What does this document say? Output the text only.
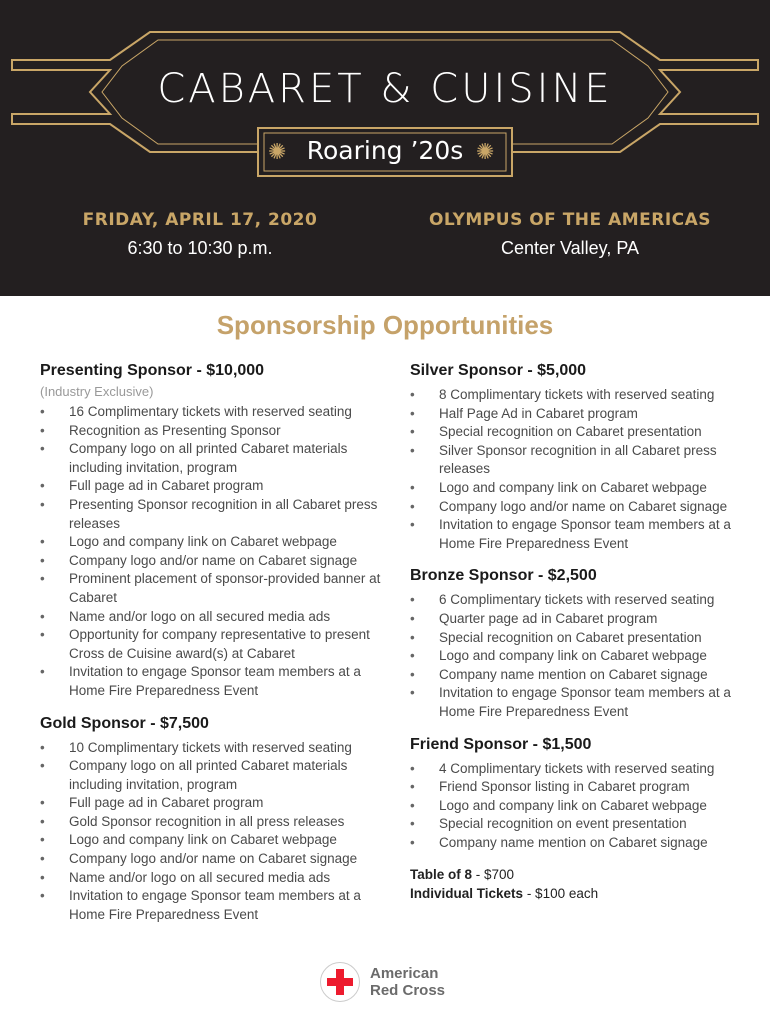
CABARET & CUISINE
✺ Roaring ’20s ✺
FRIDAY, APRIL 17, 2020
6:30 to 10:30 p.m.
OLYMPUS OF THE AMERICAS
Center Valley, PA
Sponsorship Opportunities
Presenting Sponsor - $10,000
(Industry Exclusive)
• 16 Complimentary tickets with reserved seating
• Recognition as Presenting Sponsor
• Company logo on all printed Cabaret materials including invitation, program
• Full page ad in Cabaret program
• Presenting Sponsor recognition in all Cabaret press releases
• Logo and company link on Cabaret webpage
• Company logo and/or name on Cabaret signage
• Prominent placement of sponsor-provided banner at Cabaret
• Name and/or logo on all secured media ads
• Opportunity for company representative to present Cross de Cuisine award(s) at Cabaret
• Invitation to engage Sponsor team members at a Home Fire Preparedness Event
Gold Sponsor - $7,500
• 10 Complimentary tickets with reserved seating
• Company logo on all printed Cabaret materials including invitation, program
• Full page ad in Cabaret program
• Gold Sponsor recognition in all press releases
• Logo and company link on Cabaret webpage
• Company logo and/or name on Cabaret signage
• Name and/or logo on all secured media ads
• Invitation to engage Sponsor team members at a Home Fire Preparedness Event
Silver Sponsor - $5,000
• 8 Complimentary tickets with reserved seating
• Half Page Ad in Cabaret program
• Special recognition on Cabaret presentation
• Silver Sponsor recognition in all Cabaret press releases
• Logo and company link on Cabaret webpage
• Company logo and/or name on Cabaret signage
• Invitation to engage Sponsor team members at a Home Fire Preparedness Event
Bronze Sponsor - $2,500
• 6 Complimentary tickets with reserved seating
• Quarter page ad in Cabaret program
• Special recognition on Cabaret presentation
• Logo and company link on Cabaret webpage
• Company name mention on Cabaret signage
• Invitation to engage Sponsor team members at a Home Fire Preparedness Event
Friend Sponsor - $1,500
• 4 Complimentary tickets with reserved seating
• Friend Sponsor listing in Cabaret program
• Logo and company link on Cabaret webpage
• Special recognition on event presentation
• Company name mention on Cabaret signage
Table of 8 - $700
Individual Tickets - $100 each
American
Red Cross
